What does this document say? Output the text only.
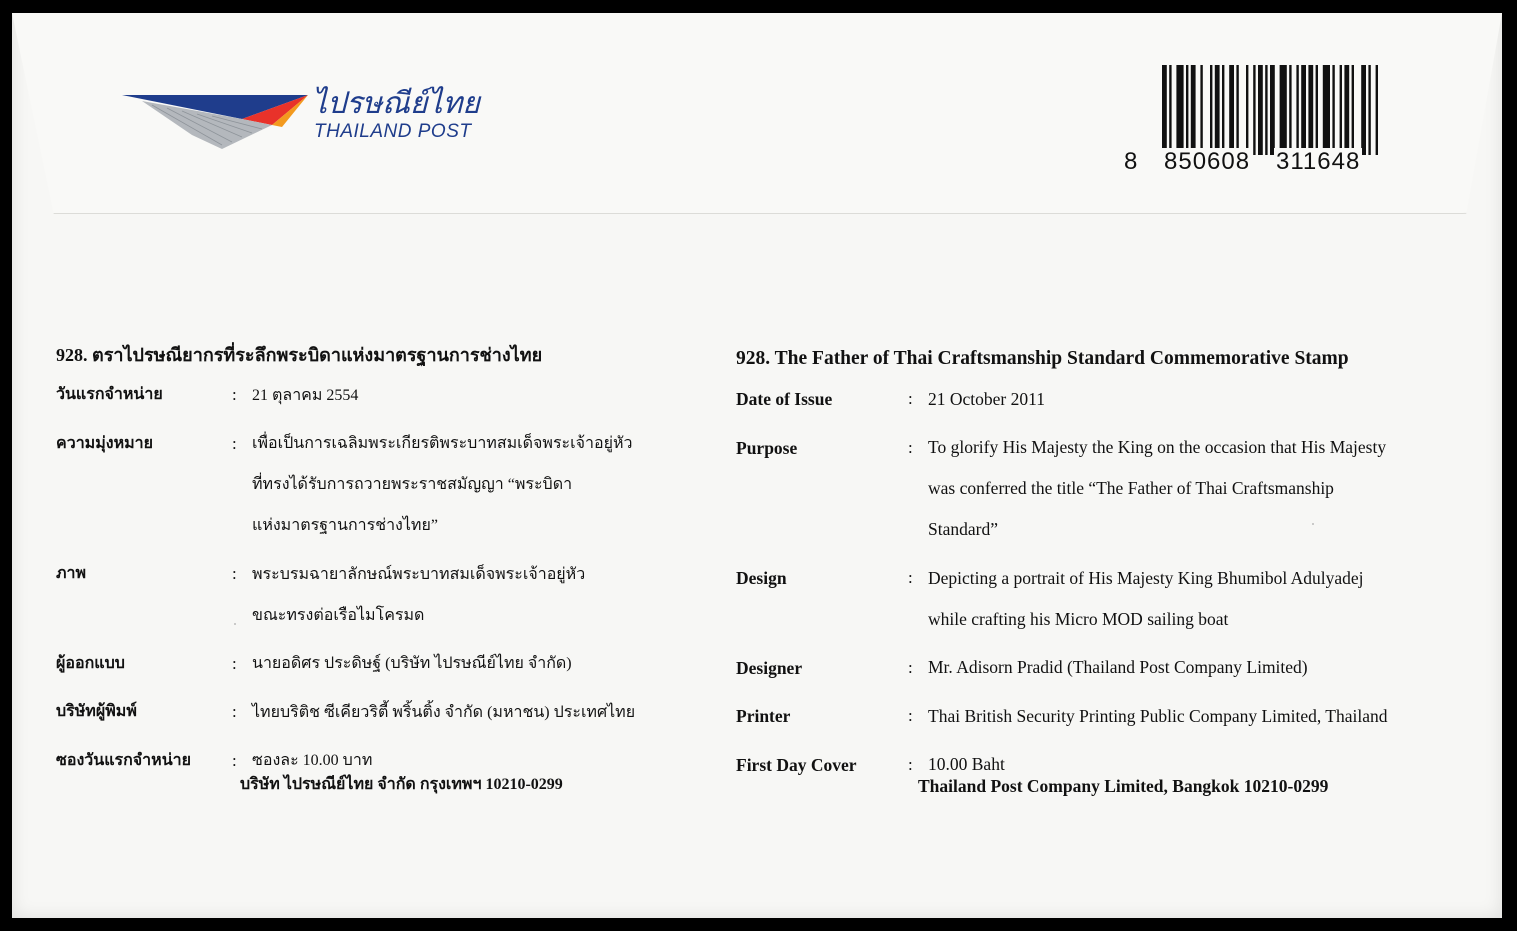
ไปรษณีย์ไทย
THAILAND POST
8 850608 311648
928. ตราไปรษณียากรที่ระลึกพระบิดาแห่งมาตรฐานการช่างไทย
วันแรกจำหน่าย	: 21 ตุลาคม 2554
ความมุ่งหมาย	: เพื่อเป็นการเฉลิมพระเกียรติพระบาทสมเด็จพระเจ้าอยู่หัว
ที่ทรงได้รับการถวายพระราชสมัญญา “พระบิดา
แห่งมาตรฐานการช่างไทย”
ภาพ	: พระบรมฉายาลักษณ์พระบาทสมเด็จพระเจ้าอยู่หัว
ขณะทรงต่อเรือไมโครมด
ผู้ออกแบบ	: นายอดิศร ประดิษฐ์ (บริษัท ไปรษณีย์ไทย จำกัด)
บริษัทผู้พิมพ์	: ไทยบริติช ซีเคียวริตี้ พริ้นติ้ง จำกัด (มหาชน) ประเทศไทย
ซองวันแรกจำหน่าย	: ซองละ 10.00 บาท
บริษัท ไปรษณีย์ไทย จำกัด กรุงเทพฯ 10210-0299
928. The Father of Thai Craftsmanship Standard Commemorative Stamp
Date of Issue	: 21 October 2011
Purpose	: To glorify His Majesty the King on the occasion that His Majesty
was conferred the title “The Father of Thai Craftsmanship
Standard”
Design	: Depicting a portrait of His Majesty King Bhumibol Adulyadej
while crafting his Micro MOD sailing boat
Designer	: Mr. Adisorn Pradid (Thailand Post Company Limited)
Printer	: Thai British Security Printing Public Company Limited, Thailand
First Day Cover	: 10.00 Baht
Thailand Post Company Limited, Bangkok 10210-0299
